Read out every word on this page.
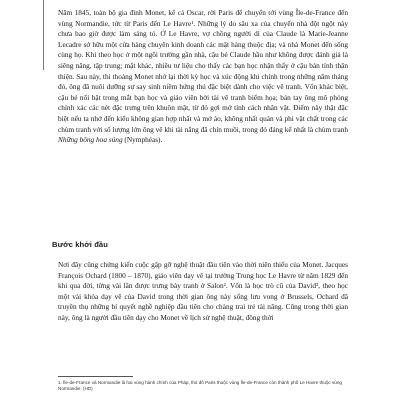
Năm 1845, toàn bộ gia đình Monet, kể cả Oscar, rời Paris để chuyển tới vùng Île-de-France đến vùng Normandie, tức từ Paris đến Le Havre¹. Những lý do sâu xa của chuyến nhà đột ngột này chưa bao giờ được làm sáng tỏ. Ở Le Havre, vợ chồng người dì của Claude là Marie-Jeanne Lecadre sở hữu một cửa hàng chuyên kinh doanh các mặt hàng thuộc địa; và nhà Monet đến sống cùng họ. Khi theo học ở một ngôi trường gần nhà, cậu bé Claude hầu như không được đánh giá là siêng năng, tập trung; mặt khác, nhiều tư liệu cho thấy các bạn học nhận thấy ở cậu bản tính thân thiện. Sau này, thi thoảng Monet nhớ lại thời kỳ học và xúc động khi chính trong những năm tháng đó, ông đã nuôi dưỡng sự say sinh niềm hứng thú đặc biệt dành cho việc vẽ tranh. Vốn khác biệt, cậu bé nổi bật trong mắt bạn học và giáo viên bởi tài vẽ tranh biếm họa; bản tay ông mô phỏng chính xác các nét đặc trưng trên khuôn mặt, từ đó gợi mở tính cách nhân vật. Điểm này thật đặc biệt nếu ta nhớ đến kiểu không gian hợp nhất và mở ảo, không nhất quán và phi vật chất trong các chùm tranh với số lượng lớn ông vẽ khi tài năng đã chín muồi, trong đó đáng kể nhất là chùm tranh Những bông hoa súng (Nymphéas).

Bước khởi đầu

Nơi đây cũng chứng kiến cuộc gặp gỡ nghệ thuật đầu tiên vào thời niên thiếu của Monet. Jacques François Ochard (1800 – 1870), giáo viên dạy vẽ tại trường Trung học Le Havre từ năm 1829 đến khi qua đời, từng vài lần được trưng bày tranh ở Salon². Vốn là học trò cũ của David³, theo học một vài khóa dạy vẽ của David trong thời gian ông này sống lưu vong ở Brussels, Ochard đã truyền thụ những bí quyết nghề nghiệp đầu tiên cho chàng trai trẻ tài năng. Cũng trong thời gian này, ông là người đầu tiên dạy cho Monet về lịch sử nghệ thuật, đồng thời

1. Île-de-France và Normandie là hai vùng hành chính của Pháp, thủ đô Paris thuộc vùng Île-de-France còn thành phố Le Havre thuộc vùng Normandie. (HD)
